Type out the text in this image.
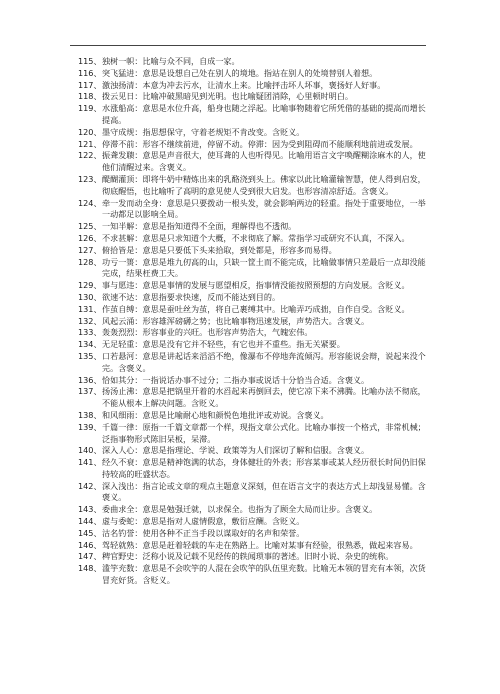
115、 独树一帜：比喻与众不同，自成一家。

116、 突飞猛进：意思是设想自己处在别人的境地。指站在别人的处境替别人着想。

117、 激浊扬清：本意为冲去污水，让清水上来。比喻抨击坏人坏事，褒扬好人好事。

118、 拨云见日：比喻冲破黑暗见到光明。也比喻疑团消除，心里顿时明白。

119、 水涨船高：意思是水位升高，船身也随之浮起。比喻事物随着它所凭借的基础的提高而增长提高。

120、 墨守成规：指思想保守，守着老规矩不肯改变。含贬义。

121、 停滞不前：形容不继续前进，停留不动。停滞：因为受到阻碍而不能顺利地前进或发展。

122、 振聋发聩：意思是声音很大，使耳聋的人也听得见。比喻用语言文字唤醒糊涂麻木的人，使他们清醒过来。含褒义。

123、 醍醐灌顶：即将牛奶中精炼出来的乳酪浇到头上。佛家以此比喻灌输智慧，使人得到启发，彻底醒悟，也比喻听了高明的意见使人受到很大启发。也形容清凉舒适。含褒义。

124、 牵一发而动全身：意思是只要拨动一根头发，就会影响两边的轻重。指处于重要地位，一举一动都足以影响全局。

125、 一知半解：意思是指知道得不全面，理解得也不透彻。

126、 不求甚解：意思是只求知道个大概，不求彻底了解。常指学习或研究不认真，不深入。

127、 俯拾皆是：意思是只要低下头来拾取，到处都是，形容多而易得。

128、 功亏一篑：意思是堆九仞高的山，只缺一筐土而不能完成，比喻做事情只差最后一点却没能完成，结果枉费工夫。

129、 事与愿违：意思是事情的发展与愿望相反，指事情没能按照预想的方向发展。含贬义。

130、 欲速不达：意思指要求快速，反而不能达到目的。

131、 作茧自缚：意思是蚕吐丝为茧，将自己裹缚其中。比喻弄巧成拙，自作自受。含贬义。

132、 风起云涌：形容雄浑磅礴之势；也比喻事物迅速发展，声势浩大。含褒义。

133、 轰轰烈烈：形容事业的兴旺。也形容声势浩大，气魄宏伟。

134、 无足轻重：意思是没有它并不轻些，有它也并不重些。指无关紧要。

135、 口若悬河：意思是讲起话来滔滔不绝，像瀑布不停地奔流倾泻。形容能说会辩，说起来没个完。含褒义。

136、 恰如其分：一指说话办事不过分；二指办事或说话十分恰当合适。含褒义。

137、 扬汤止沸：意思是把锅里开着的水舀起来再倒回去，使它凉下来不沸腾。比喻办法不彻底，不能从根本上解决问题。含贬义。

138、 和风细雨：意思是比喻耐心地和颜悦色地批评或劝说。含褒义。

139、 千篇一律：原指一千篇文章都一个样，现指文章公式化。比喻办事按一个格式，非常机械；泛指事物形式陈旧呆板，呆滞。

140、 深入人心：意思是指理论、学说、政策等为人们深切了解和信服。含褒义。

141、 经久不衰：意思是精神饱满的状态，身体健壮的外表；形容某事或某人经历很长时间仍旧保持较高的旺盛状态。

142、 深入浅出：指言论或文章的观点主题意义深刻，但在语言文字的表达方式上却浅显易懂。含褒义。

143、 委曲求全：意思是勉强迁就，以求保全。也指为了顾全大局而让步。含褒义。

144、 虚与委蛇：意思是指对人虚情假意，敷衍应酬。含贬义。

145、 沽名钓誉：使用各种不正当手段以谋取好的名声和荣誉。

146、 驾轻就熟：意思是赶着轻载的车走在熟路上。比喻对某事有经验，很熟悉，做起来容易。

147、 稗官野史：泛称小说及记载不见经传的轶闻琐事的著述。旧时小说、杂史的统称。

148、 滥竽充数：意思是不会吹竽的人混在会吹竽的队伍里充数。比喻无本领的冒充有本领，次货冒充好货。含贬义。
